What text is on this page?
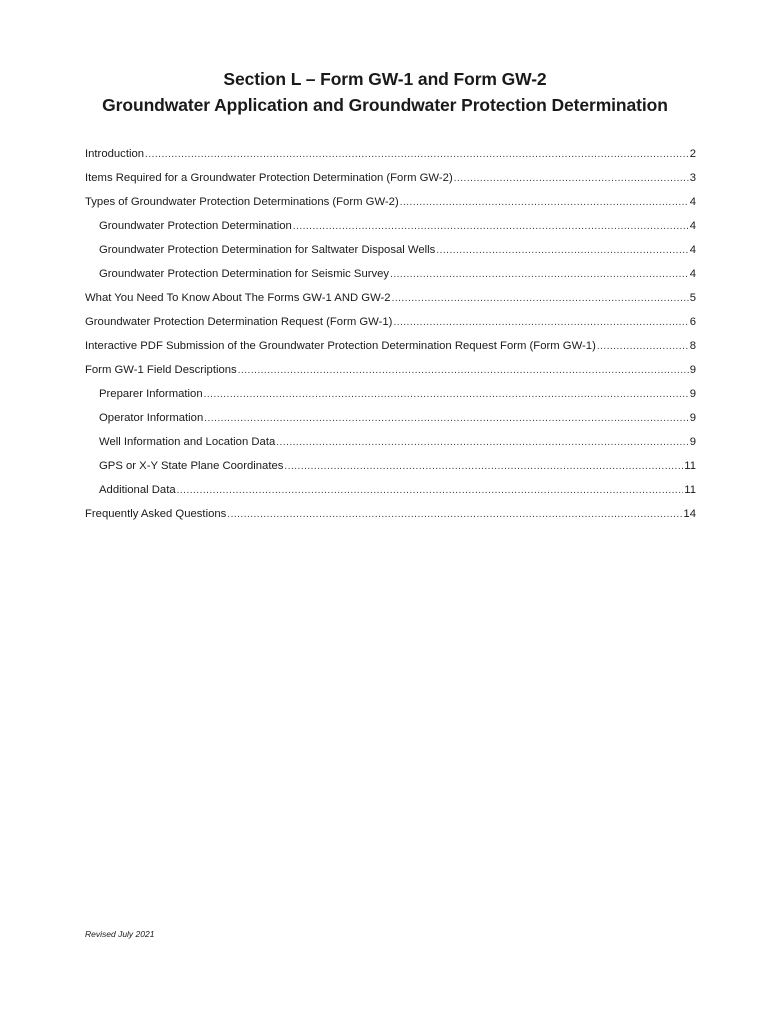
Section L – Form GW-1 and Form GW-2
Groundwater Application and Groundwater Protection Determination
Introduction .....	2
Items Required for a Groundwater Protection Determination (Form GW-2) .....	3
Types of Groundwater Protection Determinations (Form GW-2) .....	4
Groundwater Protection Determination .....	4
Groundwater Protection Determination for Saltwater Disposal Wells .....	4
Groundwater Protection Determination for Seismic Survey .....	4
What You Need To Know About The Forms GW-1 AND GW-2 .....	5
Groundwater Protection Determination Request (Form GW-1) .....	6
Interactive PDF Submission of the Groundwater Protection Determination Request Form (Form GW-1) .....	8
Form GW-1 Field Descriptions .....	9
Preparer Information .....	9
Operator Information .....	9
Well Information and Location Data .....	9
GPS or X-Y State Plane Coordinates .....	11
Additional Data .....	11
Frequently Asked Questions .....	14
Revised July 2021
